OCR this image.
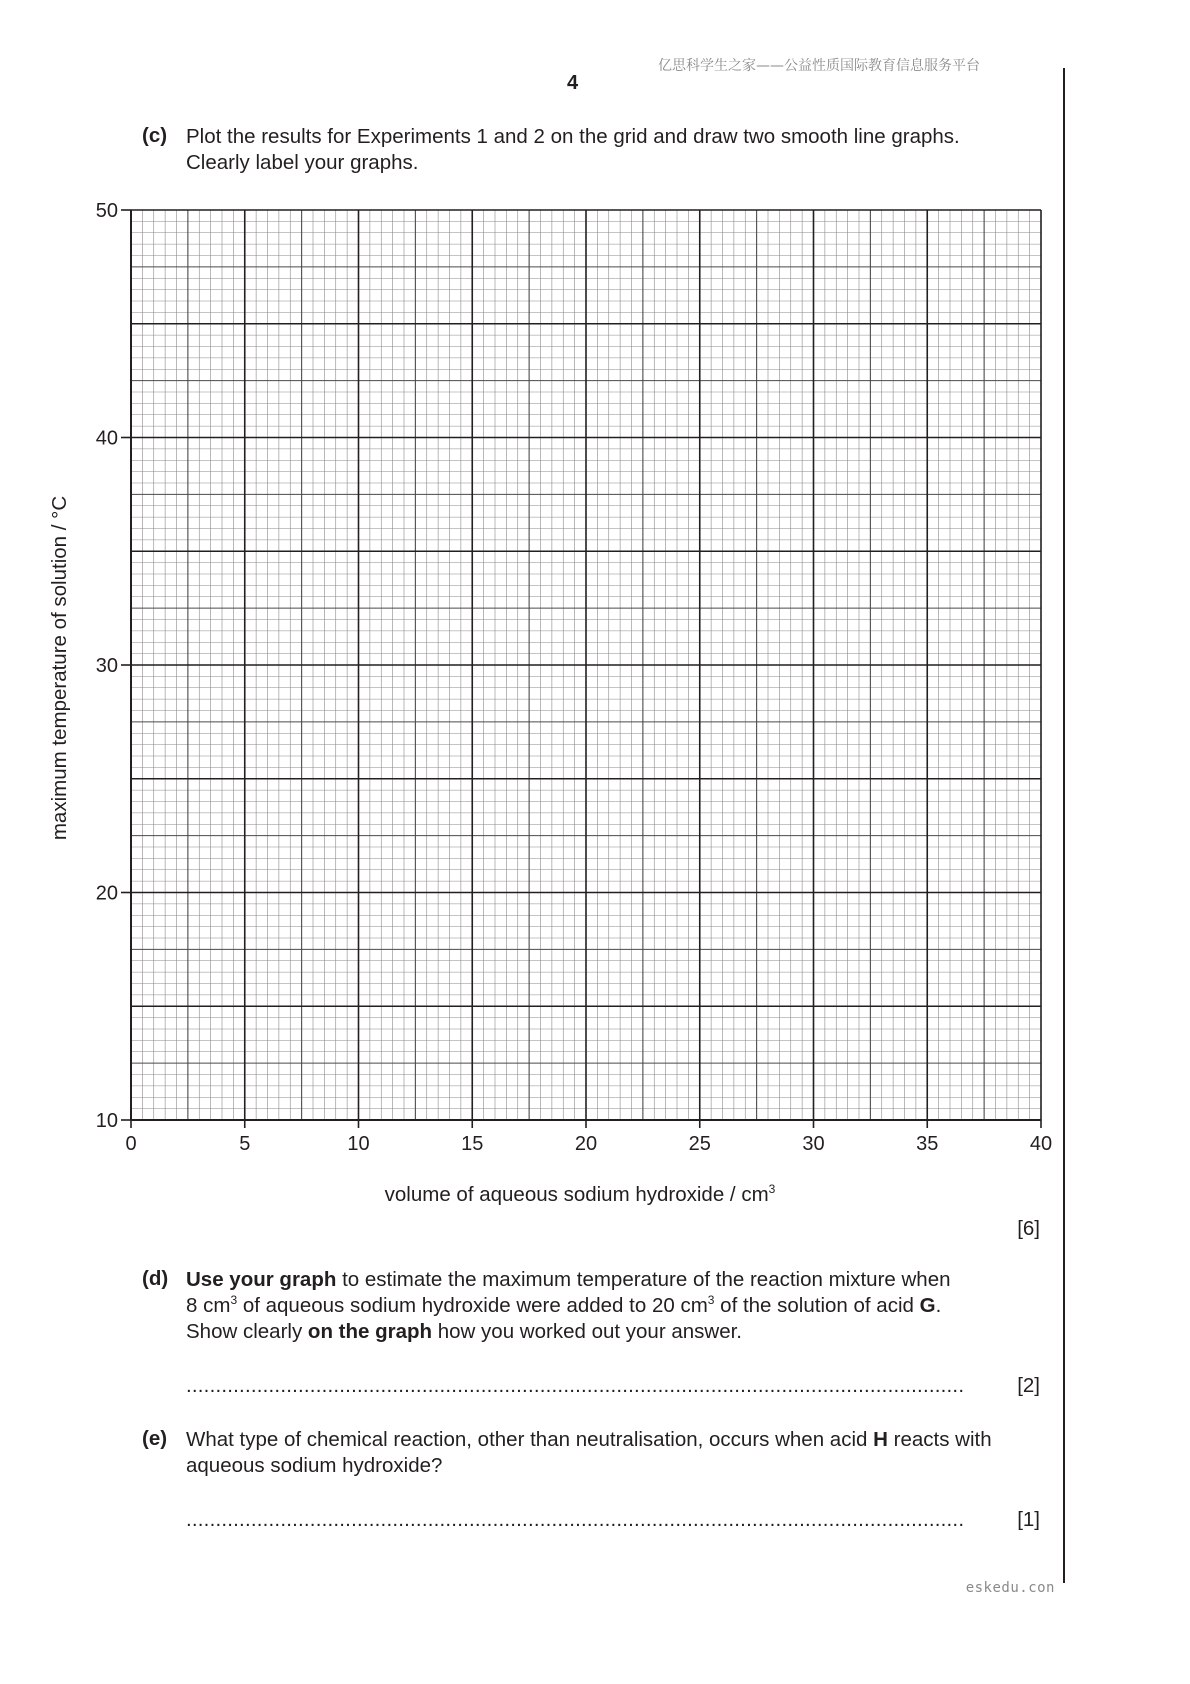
亿思科学生之家——公益性质国际教育信息服务平台
4
(c) Plot the results for Experiments 1 and 2 on the grid and draw two smooth line graphs.
Clearly label your graphs.
0	5	10	15	20	25	30	35	40
10
20
30
40
50
maximum temperature of solution / °C
volume of aqueous sodium hydroxide / $cm^3$
[6]
(d) Use your graph to estimate the maximum temperature of the reaction mixture when
8 $cm^3$ of aqueous sodium hydroxide were added to 20 $cm^3$ of the solution of acid G.
Show clearly on the graph how you worked out your answer.
....................................................................................................................................	[2]
(e) What type of chemical reaction, other than neutralisation, occurs when acid H reacts with
aqueous sodium hydroxide?
....................................................................................................................................	[1]
eskedu.con
